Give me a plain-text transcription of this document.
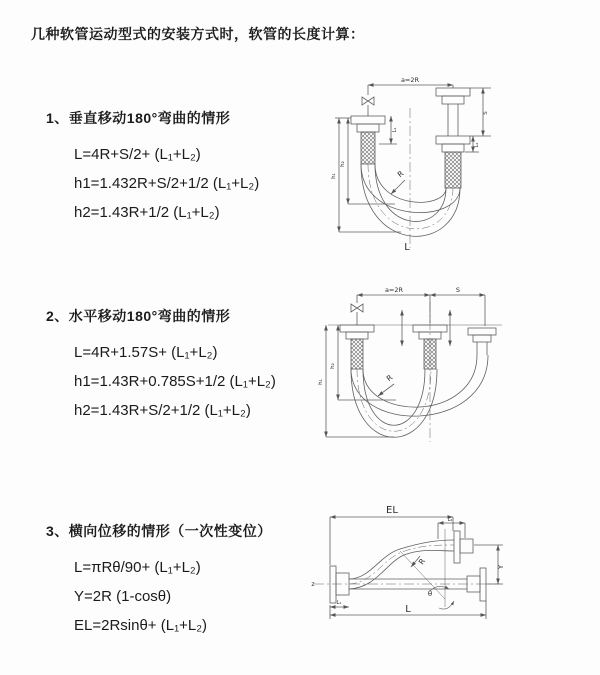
几种软管运动型式的安装方式时，软管的长度计算：
1、垂直移动180°弯曲的情形
L=4R+S/2+ (L₁+L₂)
h1=1.432R+S/2+1/2 (L₁+L₂)
h2=1.43R+1/2 (L₁+L₂)
2、水平移动180°弯曲的情形
L=4R+1.57S+ (L₁+L₂)
h1=1.43R+0.785S+1/2 (L₁+L₂)
h2=1.43R+S/2+1/2 (L₁+L₂)
3、横向位移的情形（一次性变位）
L=πRθ/90+ (L₁+L₂)
Y=2R (1-cosθ)
EL=2Rsinθ+ (L₁+L₂)
a=2R
h₁
h₂
L₁
S
L₂
R
L
a=2R	S
h₁
h₂
R
EL
L₂
Y
L
L₁
R
θ
z
